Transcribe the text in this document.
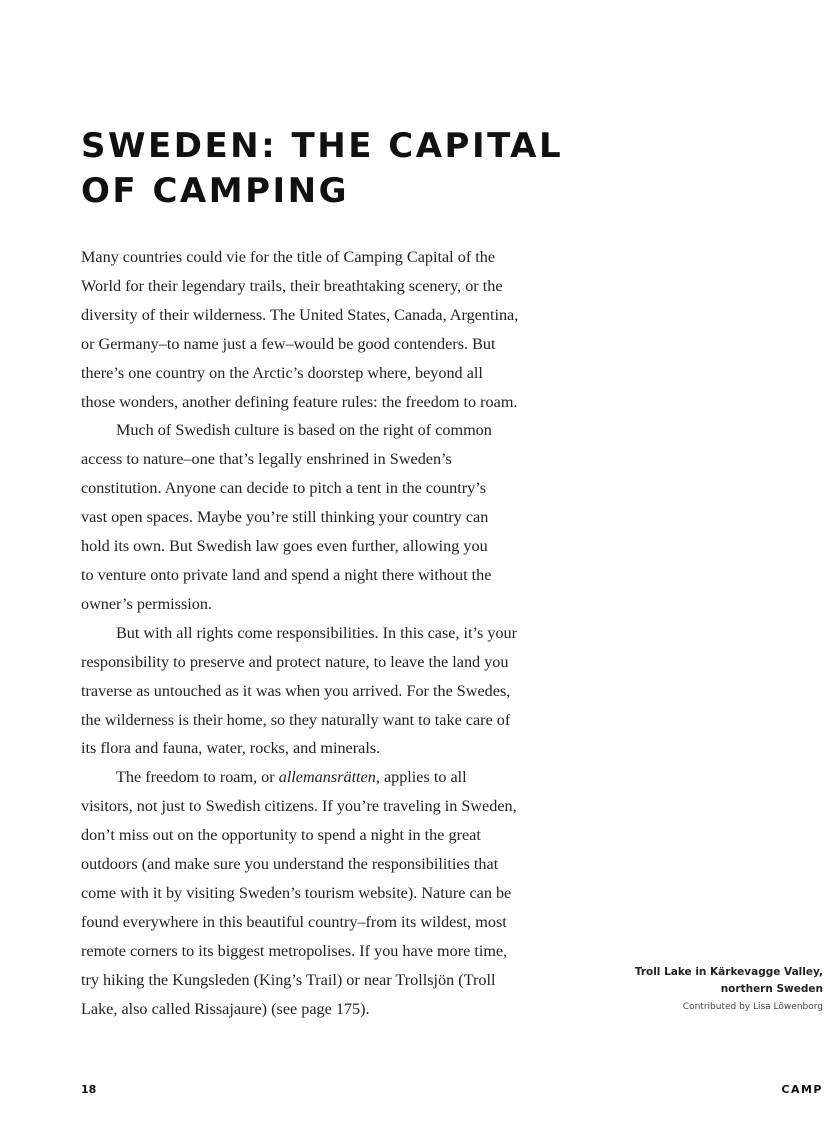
SWEDEN: THE CAPITAL
OF CAMPING
Many countries could vie for the title of Camping Capital of the
World for their legendary trails, their breathtaking scenery, or the
diversity of their wilderness. The United States, Canada, Argentina,
or Germany–to name just a few–would be good contenders. But
there’s one country on the Arctic’s doorstep where, beyond all
those wonders, another defining feature rules: the freedom to roam.
Much of Swedish culture is based on the right of common
access to nature–one that’s legally enshrined in Sweden’s
constitution. Anyone can decide to pitch a tent in the country’s
vast open spaces. Maybe you’re still thinking your country can
hold its own. But Swedish law goes even further, allowing you
to venture onto private land and spend a night there without the
owner’s permission.
But with all rights come responsibilities. In this case, it’s your
responsibility to preserve and protect nature, to leave the land you
traverse as untouched as it was when you arrived. For the Swedes,
the wilderness is their home, so they naturally want to take care of
its flora and fauna, water, rocks, and minerals.
The freedom to roam, or allemansrätten, applies to all
visitors, not just to Swedish citizens. If you’re traveling in Sweden,
don’t miss out on the opportunity to spend a night in the great
outdoors (and make sure you understand the responsibilities that
come with it by visiting Sweden’s tourism website). Nature can be
found everywhere in this beautiful country–from its wildest, most
remote corners to its biggest metropolises. If you have more time,
try hiking the Kungsleden (King’s Trail) or near Trollsjön (Troll
Lake, also called Rissajaure) (see page 175).
Troll Lake in Kärkevagge Valley,
northern Sweden
Contributed by Lisa Löwenborg
18	CAMP
